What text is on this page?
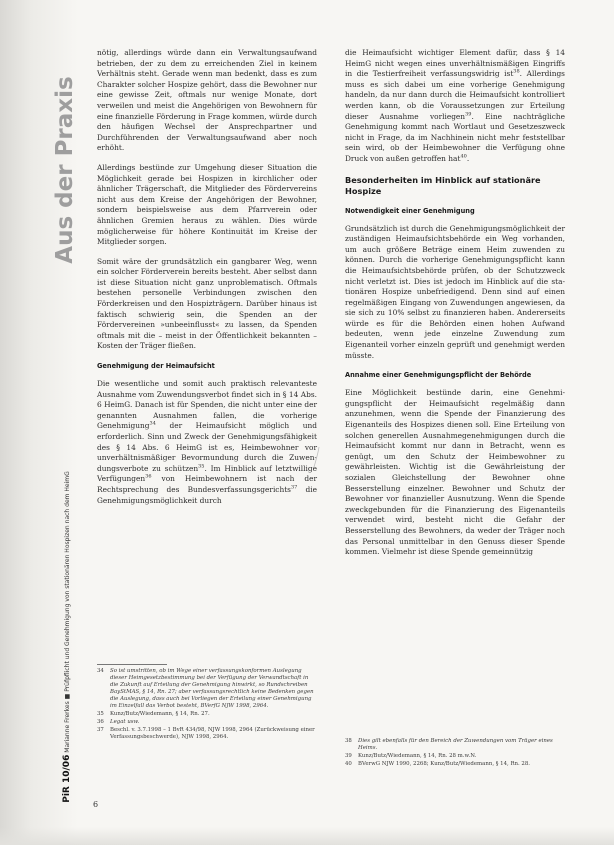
Aus der Praxis
PiR 10/06 Marianne Frerkes ■ Prüfpflicht und Genehmigung von stationären Hospizen nach dem HeimG

nötig, allerdings würde dann ein Verwaltungsaufwand betrieben, der zu dem zu erreichenden Ziel in keinem Verhältnis steht. Gerade wenn man bedenkt, dass es zum Charakter solcher Hospize gehört, dass die Bewohner nur eine gewisse Zeit, oftmals nur wenige Monate, dort verweilen und meist die Angehörigen von Bewohnern für eine finanzielle Förderung in Frage kommen, würde durch den häufigen Wechsel der Ansprechpartner und Durchführenden der Verwaltungsaufwand aber noch erhöht.

Allerdings bestünde zur Umgehung dieser Situation die Möglichkeit gerade bei Hospizen in kirchlicher oder ähnlicher Trägerschaft, die Mitglieder des Fördervereins nicht aus dem Kreise der Angehörigen der Bewohner, sondern beispielsweise aus dem Pfarrverein oder ähnlichen Gremien heraus zu wählen. Dies würde möglicherweise für höhere Kontinuität im Kreise der Mitglieder sorgen.

Somit wäre der grundsätzlich ein gangbarer Weg, wenn ein solcher Förderverein bereits besteht. Aber selbst dann ist diese Situation nicht ganz unproblematisch. Oftmals bestehen personelle Verbindungen zwischen den Förderkreisen und den Hospizträgern. Darüber hinaus ist faktisch schwierig sein, die Spenden an der Fördervereinen »unbeeinflusst« zu lassen, da Spenden oftmals mit die – meist in der Öffentlichkeit bekannten – Kosten der Träger fließen.

Genehmigung der Heimaufsicht

Die wesentliche und somit auch praktisch relevanteste Ausnahme vom Zuwendungsverbot findet sich in § 14 Abs. 6 HeimG. Danach ist für Spenden, die nicht unter eine der genannten Ausnahmen fallen, die vorherige Genehmigung$^{34}$ der Heimaufsicht möglich und erforderlich. Sinn und Zweck der Genehmigungsfähigkeit des § 14 Abs. 6 HeimG ist es, Heimbewohner vor unverhältnismäßiger Bevormundung durch die Zuwendungsverbote zu schützen$^{35}$. Im Hinblick auf letztwillige Verfügungen$^{36}$ von Heimbewohnern ist nach der Rechtsprechung des Bundesverfassungsgerichts$^{37}$ die Genehmigungsmöglichkeit durch

die Heimaufsicht wichtiger Element dafür, dass § 14 HeimG nicht wegen eines unverhältnismäßigen Eingriffs in die Testierfreiheit verfassungswidrig ist$^{38}$. Allerdings muss es sich dabei um eine vorherige Genehmigung handeln, da nur dann durch die Heimaufsicht kontrolliert werden kann, ob die Voraussetzungen zur Erteilung dieser Ausnahme vorliegen$^{39}$. Eine nachträgliche Genehmigung kommt nach Wortlaut und Gesetzeszweck nicht in Frage, da im Nachhinein nicht mehr feststellbar sein wird, ob der Heimbewohner die Verfügung ohne Druck von außen getroffen hat$^{40}$.

Besonderheiten im Hinblick auf stationäre Hospize
Notwendigkeit einer Genehmigung

Grundsätzlich ist durch die Genehmigungsmöglichkeit der zuständigen Heimaufsichtsbehörde ein Weg vorhanden, um auch größere Beträge einem Heim zuwenden zu können. Durch die vorherige Genehmigungspflicht kann die Heimaufsichtsbehörde prüfen, ob der Schutzzweck nicht verletzt ist. Dies ist jedoch im Hinblick auf die stationären Hospize unbefriedigend. Denn sind auf einen regelmäßigen Eingang von Zuwendungen angewiesen, da sie sich zu 10% selbst zu finanzieren haben. Andererseits würde es für die Behörden einen hohen Aufwand bedeuten, wenn jede einzelne Zuwendung zum Eigenanteil vorher einzeln geprüft und genehmigt werden müsste.

Annahme einer Genehmigungspflicht der Behörde

Eine Möglichkeit bestünde darin, eine Genehmigungspflicht der Heimaufsicht regelmäßig dann anzunehmen, wenn die Spende der Finanzierung des Eigenanteils des Hospizes dienen soll. Eine Erteilung von solchen generellen Ausnahmegenehmigungen durch die Heimaufsicht kommt nur dann in Betracht, wenn es genügt, um den Schutz der Heimbewohner zu gewährleisten. Wichtig ist die Gewährleistung der sozialen Gleichstellung der Bewohner ohne Besserstellung einzelner. Bewohner und Schutz der Bewohner vor finanzieller Ausnutzung. Wenn die Spende zweckgebunden für die Finanzierung des Eigenanteils verwendet wird, besteht nicht die Gefahr der Besserstellung des Bewohners, da weder der Träger noch das Personal unmittelbar in den Genuss dieser Spende kommen. Vielmehr ist diese Spende gemeinnützig

34	So ist umstritten, ob im Wege einer verfassungskonformen Auslegung dieser Heimgesetzbestimmung bei der Verfügung der Verwandtschaft in die Zukunft auf Erteilung der Genehmigung hinwirkt, so Rundschreiben BayStMAS, § 14, Rn. 27; aber verfassungsrechtlich keine Bedenken gegen die Auslegung, dass auch bei Vorliegen der Erteilung einer Genehmigung im Einzelfall das Verbot besteht, BVerfG NJW 1998, 2964.
35	Kunz/Butz/Wiedemann, § 14, Rn. 27.
36	Legat usw.
37	Beschl. v. 3.7.1998 – 1 BvR 434/98, NJW 1998, 2964 (Zurückweisung einer Verfassungsbeschwerde), NJW 1998, 2964.
38	Dies gilt ebenfalls für den Bereich der Zuwendungen vom Träger eines Heims.
39	Kunz/Butz/Wiedemann, § 14, Rn. 28 m.w.N.
40	BVerwG NJW 1990, 2268; Kunz/Butz/Wiedemann, § 14, Rn. 28.
6
